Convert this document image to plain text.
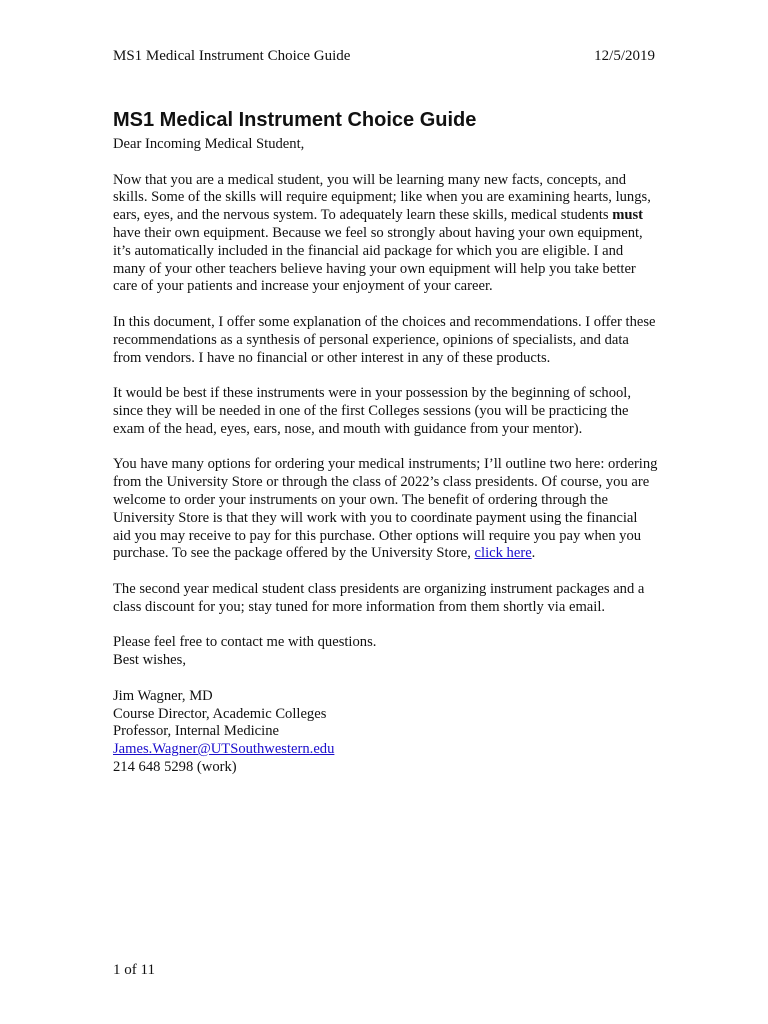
MS1 Medical Instrument Choice Guide	12/5/2019
MS1 Medical Instrument Choice Guide

Dear Incoming Medical Student,

Now that you are a medical student, you will be learning many new facts, concepts, and skills. Some of the skills will require equipment; like when you are examining hearts, lungs, ears, eyes, and the nervous system. To adequately learn these skills, medical students must have their own equipment. Because we feel so strongly about having your own equipment, it’s automatically included in the financial aid package for which you are eligible. I and many of your other teachers believe having your own equipment will help you take better care of your patients and increase your enjoyment of your career.

In this document, I offer some explanation of the choices and recommendations. I offer these recommendations as a synthesis of personal experience, opinions of specialists, and data from vendors. I have no financial or other interest in any of these products.

It would be best if these instruments were in your possession by the beginning of school, since they will be needed in one of the first Colleges sessions (you will be practicing the exam of the head, eyes, ears, nose, and mouth with guidance from your mentor).

You have many options for ordering your medical instruments; I’ll outline two here: ordering from the University Store or through the class of 2022’s class presidents. Of course, you are welcome to order your instruments on your own. The benefit of ordering through the University Store is that they will work with you to coordinate payment using the financial aid you may receive to pay for this purchase. Other options will require you pay when you purchase. To see the package offered by the University Store, click here.

The second year medical student class presidents are organizing instrument packages and a class discount for you; stay tuned for more information from them shortly via email.

Please feel free to contact me with questions.

Best wishes,

Jim Wagner, MD

Course Director, Academic Colleges

Professor, Internal Medicine

James.Wagner@UTSouthwestern.edu

214 648 5298 (work)

1 of 11
